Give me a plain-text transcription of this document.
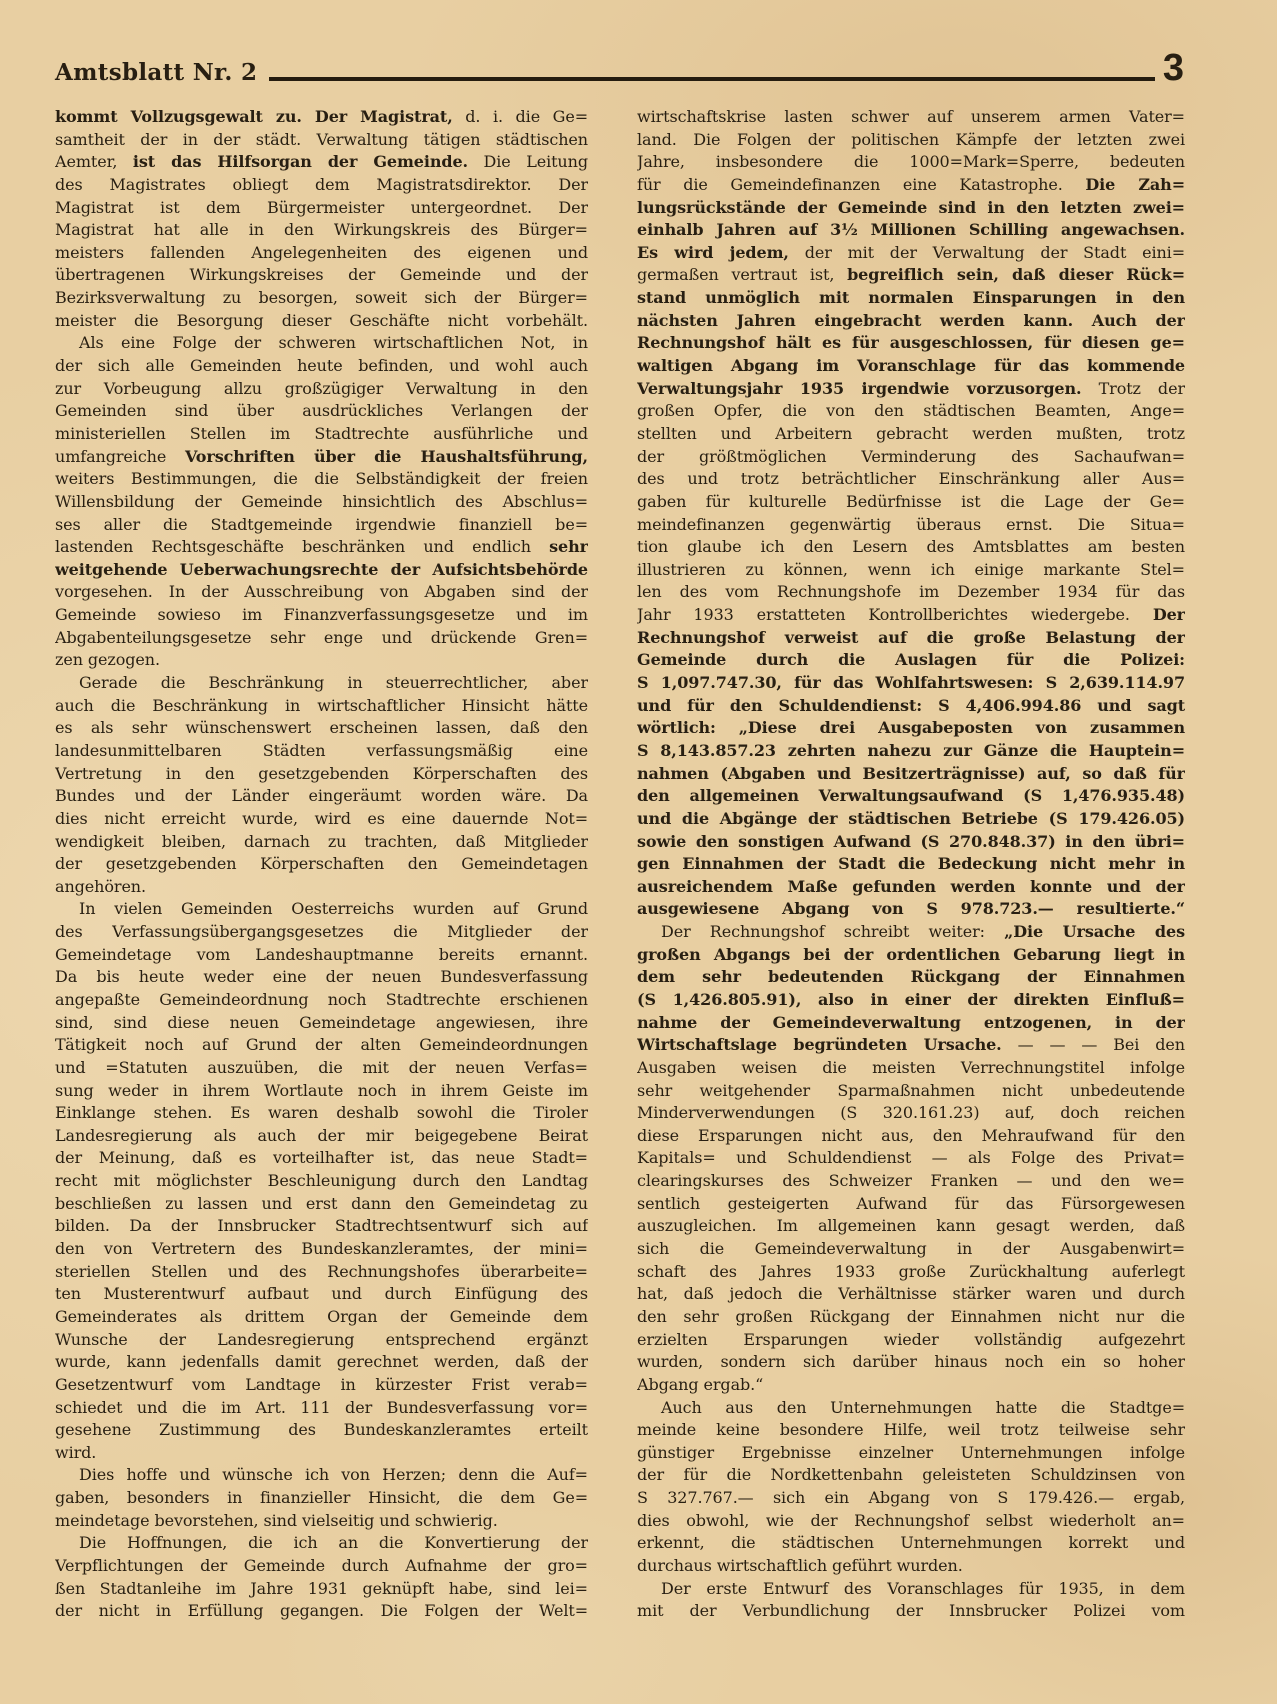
Amtsblatt Nr. 2	3
kommt Vollzugsgewalt zu. Der Magistrat, d. i. die Ge=
samtheit der in der städt. Verwaltung tätigen städtischen
Aemter, ist das Hilfsorgan der Gemeinde. Die Leitung
des Magistrates obliegt dem Magistratsdirektor. Der
Magistrat ist dem Bürgermeister untergeordnet. Der
Magistrat hat alle in den Wirkungskreis des Bürger=
meisters fallenden Angelegenheiten des eigenen und
übertragenen Wirkungskreises der Gemeinde und der
Bezirksverwaltung zu besorgen, soweit sich der Bürger=
meister die Besorgung dieser Geschäfte nicht vorbehält.
Als eine Folge der schweren wirtschaftlichen Not, in
der sich alle Gemeinden heute befinden, und wohl auch
zur Vorbeugung allzu großzügiger Verwaltung in den
Gemeinden sind über ausdrückliches Verlangen der
ministeriellen Stellen im Stadtrechte ausführliche und
umfangreiche Vorschriften über die Haushaltsführung,
weiters Bestimmungen, die die Selbständigkeit der freien
Willensbildung der Gemeinde hinsichtlich des Abschlus=
ses aller die Stadtgemeinde irgendwie finanziell be=
lastenden Rechtsgeschäfte beschränken und endlich sehr
weitgehende Ueberwachungsrechte der Aufsichtsbehörde
vorgesehen. In der Ausschreibung von Abgaben sind der
Gemeinde sowieso im Finanzverfassungsgesetze und im
Abgabenteilungsgesetze sehr enge und drückende Gren=
zen gezogen.
Gerade die Beschränkung in steuerrechtlicher, aber
auch die Beschränkung in wirtschaftlicher Hinsicht hätte
es als sehr wünschenswert erscheinen lassen, daß den
landesunmittelbaren Städten verfassungsmäßig eine
Vertretung in den gesetzgebenden Körperschaften des
Bundes und der Länder eingeräumt worden wäre. Da
dies nicht erreicht wurde, wird es eine dauernde Not=
wendigkeit bleiben, darnach zu trachten, daß Mitglieder
der gesetzgebenden Körperschaften den Gemeindetagen
angehören.
In vielen Gemeinden Oesterreichs wurden auf Grund
des Verfassungsübergangsgesetzes die Mitglieder der
Gemeindetage vom Landeshauptmanne bereits ernannt.
Da bis heute weder eine der neuen Bundesverfassung
angepaßte Gemeindeordnung noch Stadtrechte erschienen
sind, sind diese neuen Gemeindetage angewiesen, ihre
Tätigkeit noch auf Grund der alten Gemeindeordnungen
und =Statuten auszuüben, die mit der neuen Verfas=
sung weder in ihrem Wortlaute noch in ihrem Geiste im
Einklange stehen. Es waren deshalb sowohl die Tiroler
Landesregierung als auch der mir beigegebene Beirat
der Meinung, daß es vorteilhafter ist, das neue Stadt=
recht mit möglichster Beschleunigung durch den Landtag
beschließen zu lassen und erst dann den Gemeindetag zu
bilden. Da der Innsbrucker Stadtrechtsentwurf sich auf
den von Vertretern des Bundeskanzleramtes, der mini=
steriellen Stellen und des Rechnungshofes überarbeite=
ten Musterentwurf aufbaut und durch Einfügung des
Gemeinderates als drittem Organ der Gemeinde dem
Wunsche der Landesregierung entsprechend ergänzt
wurde, kann jedenfalls damit gerechnet werden, daß der
Gesetzentwurf vom Landtage in kürzester Frist verab=
schiedet und die im Art. 111 der Bundesverfassung vor=
gesehene Zustimmung des Bundeskanzleramtes erteilt
wird.
Dies hoffe und wünsche ich von Herzen; denn die Auf=
gaben, besonders in finanzieller Hinsicht, die dem Ge=
meindetage bevorstehen, sind vielseitig und schwierig.
Die Hoffnungen, die ich an die Konvertierung der
Verpflichtungen der Gemeinde durch Aufnahme der gro=
ßen Stadtanleihe im Jahre 1931 geknüpft habe, sind lei=
der nicht in Erfüllung gegangen. Die Folgen der Welt=
wirtschaftskrise lasten schwer auf unserem armen Vater=
land. Die Folgen der politischen Kämpfe der letzten zwei
Jahre, insbesondere die 1000=Mark=Sperre, bedeuten
für die Gemeindefinanzen eine Katastrophe. Die Zah=
lungsrückstände der Gemeinde sind in den letzten zwei=
einhalb Jahren auf 3½ Millionen Schilling angewachsen.
Es wird jedem, der mit der Verwaltung der Stadt eini=
germaßen vertraut ist, begreiflich sein, daß dieser Rück=
stand unmöglich mit normalen Einsparungen in den
nächsten Jahren eingebracht werden kann. Auch der
Rechnungshof hält es für ausgeschlossen, für diesen ge=
waltigen Abgang im Voranschlage für das kommende
Verwaltungsjahr 1935 irgendwie vorzusorgen. Trotz der
großen Opfer, die von den städtischen Beamten, Ange=
stellten und Arbeitern gebracht werden mußten, trotz
der größtmöglichen Verminderung des Sachaufwan=
des und trotz beträchtlicher Einschränkung aller Aus=
gaben für kulturelle Bedürfnisse ist die Lage der Ge=
meindefinanzen gegenwärtig überaus ernst. Die Situa=
tion glaube ich den Lesern des Amtsblattes am besten
illustrieren zu können, wenn ich einige markante Stel=
len des vom Rechnungshofe im Dezember 1934 für das
Jahr 1933 erstatteten Kontrollberichtes wiedergebe. Der
Rechnungshof verweist auf die große Belastung der
Gemeinde durch die Auslagen für die Polizei:
S 1,097.747.30, für das Wohlfahrtswesen: S 2,639.114.97
und für den Schuldendienst: S 4,406.994.86 und sagt
wörtlich: „Diese drei Ausgabeposten von zusammen
S 8,143.857.23 zehrten nahezu zur Gänze die Hauptein=
nahmen (Abgaben und Besitzerträgnisse) auf, so daß für
den allgemeinen Verwaltungsaufwand (S 1,476.935.48)
und die Abgänge der städtischen Betriebe (S 179.426.05)
sowie den sonstigen Aufwand (S 270.848.37) in den übri=
gen Einnahmen der Stadt die Bedeckung nicht mehr in
ausreichendem Maße gefunden werden konnte und der
ausgewiesene Abgang von S 978.723.— resultierte.“
Der Rechnungshof schreibt weiter: „Die Ursache des
großen Abgangs bei der ordentlichen Gebarung liegt in
dem sehr bedeutenden Rückgang der Einnahmen
(S 1,426.805.91), also in einer der direkten Einfluß=
nahme der Gemeindeverwaltung entzogenen, in der
Wirtschaftslage begründeten Ursache. — — — Bei den
Ausgaben weisen die meisten Verrechnungstitel infolge
sehr weitgehender Sparmaßnahmen nicht unbedeutende
Minderverwendungen (S 320.161.23) auf, doch reichen
diese Ersparungen nicht aus, den Mehraufwand für den
Kapitals= und Schuldendienst — als Folge des Privat=
clearingskurses des Schweizer Franken — und den we=
sentlich gesteigerten Aufwand für das Fürsorgewesen
auszugleichen. Im allgemeinen kann gesagt werden, daß
sich die Gemeindeverwaltung in der Ausgabenwirt=
schaft des Jahres 1933 große Zurückhaltung auferlegt
hat, daß jedoch die Verhältnisse stärker waren und durch
den sehr großen Rückgang der Einnahmen nicht nur die
erzielten Ersparungen wieder vollständig aufgezehrt
wurden, sondern sich darüber hinaus noch ein so hoher
Abgang ergab.“
Auch aus den Unternehmungen hatte die Stadtge=
meinde keine besondere Hilfe, weil trotz teilweise sehr
günstiger Ergebnisse einzelner Unternehmungen infolge
der für die Nordkettenbahn geleisteten Schuldzinsen von
S 327.767.— sich ein Abgang von S 179.426.— ergab,
dies obwohl, wie der Rechnungshof selbst wiederholt an=
erkennt, die städtischen Unternehmungen korrekt und
durchaus wirtschaftlich geführt wurden.
Der erste Entwurf des Voranschlages für 1935, in dem
mit der Verbundlichung der Innsbrucker Polizei vom
